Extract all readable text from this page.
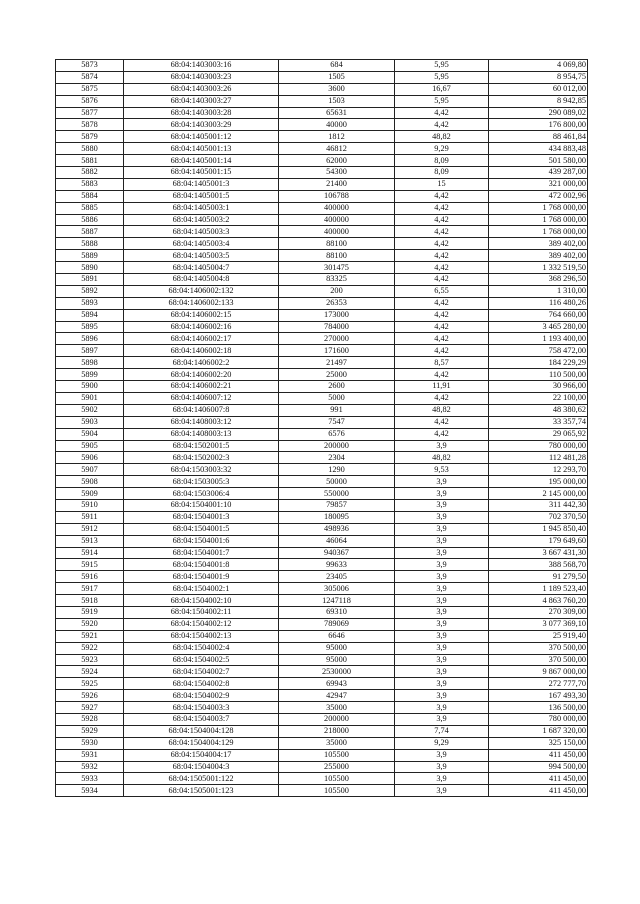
5873	68:04:1403003:16	684	5,95	4 069,80
5874	68:04:1403003:23	1505	5,95	8 954,75
5875	68:04:1403003:26	3600	16,67	60 012,00
5876	68:04:1403003:27	1503	5,95	8 942,85
5877	68:04:1403003:28	65631	4,42	290 089,02
5878	68:04:1403003:29	40000	4,42	176 800,00
5879	68:04:1405001:12	1812	48,82	88 461,84
5880	68:04:1405001:13	46812	9,29	434 883,48
5881	68:04:1405001:14	62000	8,09	501 580,00
5882	68:04:1405001:15	54300	8,09	439 287,00
5883	68:04:1405001:3	21400	15	321 000,00
5884	68:04:1405001:5	106788	4,42	472 002,96
5885	68:04:1405003:1	400000	4,42	1 768 000,00
5886	68:04:1405003:2	400000	4,42	1 768 000,00
5887	68:04:1405003:3	400000	4,42	1 768 000,00
5888	68:04:1405003:4	88100	4,42	389 402,00
5889	68:04:1405003:5	88100	4,42	389 402,00
5890	68:04:1405004:7	301475	4,42	1 332 519,50
5891	68:04:1405004:8	83325	4,42	368 296,50
5892	68:04:1406002:132	200	6,55	1 310,00
5893	68:04:1406002:133	26353	4,42	116 480,26
5894	68:04:1406002:15	173000	4,42	764 660,00
5895	68:04:1406002:16	784000	4,42	3 465 280,00
5896	68:04:1406002:17	270000	4,42	1 193 400,00
5897	68:04:1406002:18	171600	4,42	758 472,00
5898	68:04:1406002:2	21497	8,57	184 229,29
5899	68:04:1406002:20	25000	4,42	110 500,00
5900	68:04:1406002:21	2600	11,91	30 966,00
5901	68:04:1406007:12	5000	4,42	22 100,00
5902	68:04:1406007:8	991	48,82	48 380,62
5903	68:04:1408003:12	7547	4,42	33 357,74
5904	68:04:1408003:13	6576	4,42	29 065,92
5905	68:04:1502001:5	200000	3,9	780 000,00
5906	68:04:1502002:3	2304	48,82	112 481,28
5907	68:04:1503003:32	1290	9,53	12 293,70
5908	68:04:1503005:3	50000	3,9	195 000,00
5909	68:04:1503006:4	550000	3,9	2 145 000,00
5910	68:04:1504001:10	79857	3,9	311 442,30
5911	68:04:1504001:3	180095	3,9	702 370,50
5912	68:04:1504001:5	498936	3,9	1 945 850,40
5913	68:04:1504001:6	46064	3,9	179 649,60
5914	68:04:1504001:7	940367	3,9	3 667 431,30
5915	68:04:1504001:8	99633	3,9	388 568,70
5916	68:04:1504001:9	23405	3,9	91 279,50
5917	68:04:1504002:1	305006	3,9	1 189 523,40
5918	68:04:1504002:10	1247118	3,9	4 863 760,20
5919	68:04:1504002:11	69310	3,9	270 309,00
5920	68:04:1504002:12	789069	3,9	3 077 369,10
5921	68:04:1504002:13	6646	3,9	25 919,40
5922	68:04:1504002:4	95000	3,9	370 500,00
5923	68:04:1504002:5	95000	3,9	370 500,00
5924	68:04:1504002:7	2530000	3,9	9 867 000,00
5925	68:04:1504002:8	69943	3,9	272 777,70
5926	68:04:1504002:9	42947	3,9	167 493,30
5927	68:04:1504003:3	35000	3,9	136 500,00
5928	68:04:1504003:7	200000	3,9	780 000,00
5929	68:04:1504004:128	218000	7,74	1 687 320,00
5930	68:04:1504004:129	35000	9,29	325 150,00
5931	68:04:1504004:17	105500	3,9	411 450,00
5932	68:04:1504004:3	255000	3,9	994 500,00
5933	68:04:1505001:122	105500	3,9	411 450,00
5934	68:04:1505001:123	105500	3,9	411 450,00
